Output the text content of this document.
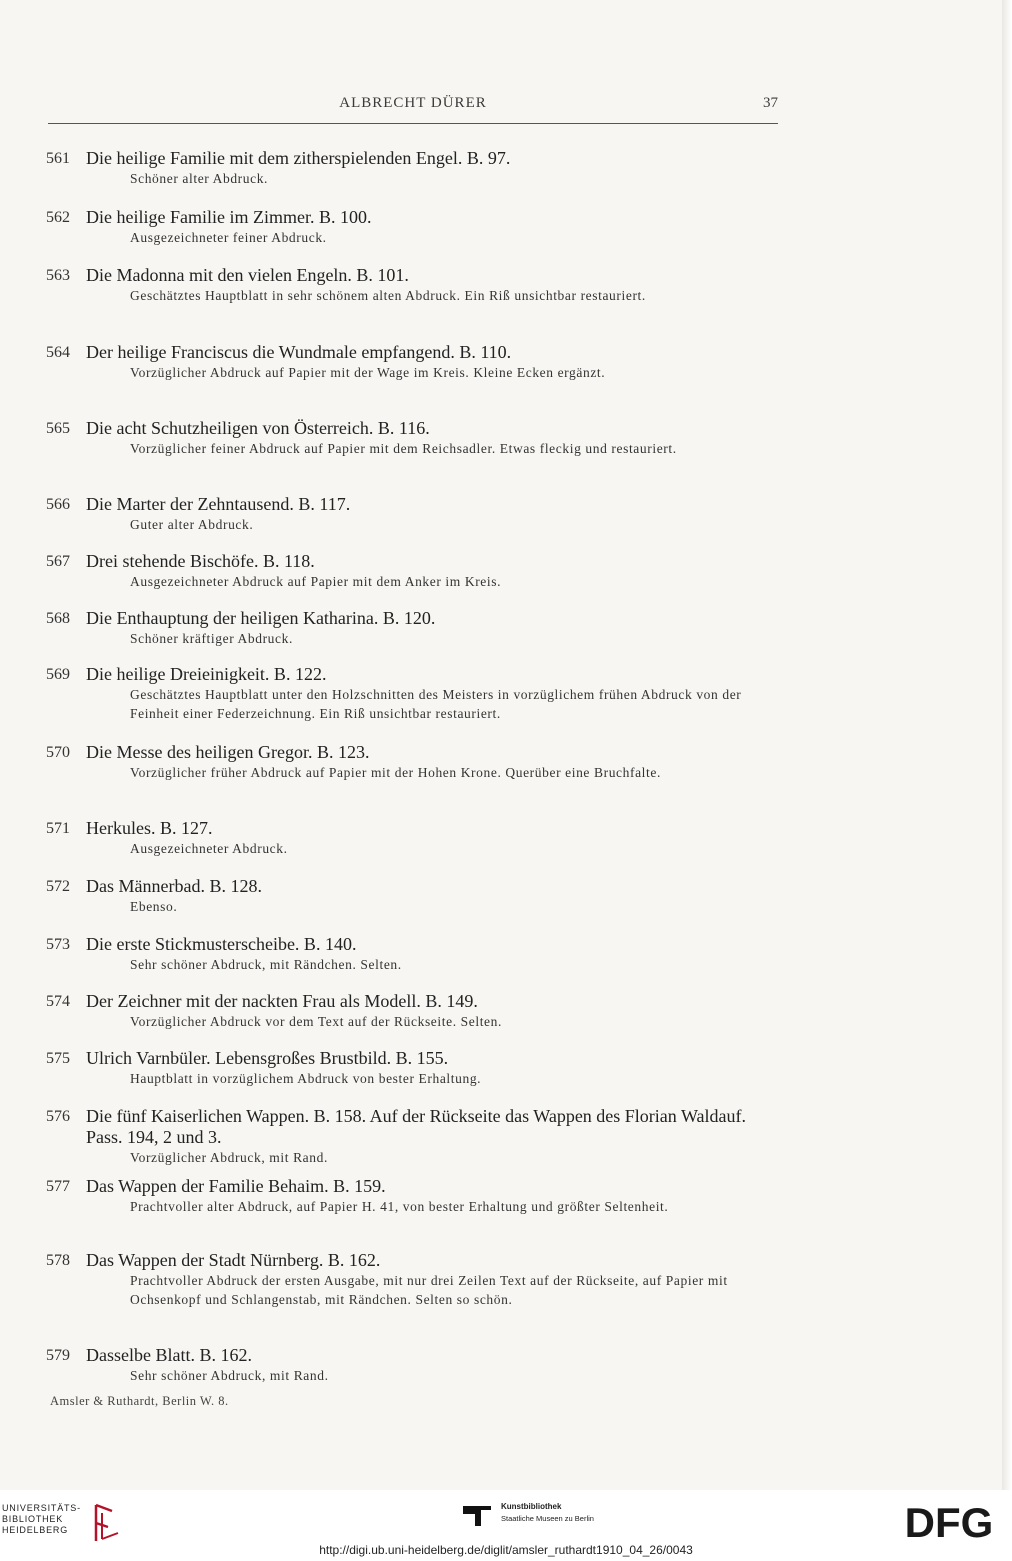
ALBRECHT DÜRER	37
561 Die heilige Familie mit dem zitherspielenden Engel. B. 97.
Schöner alter Abdruck.
562 Die heilige Familie im Zimmer. B. 100.
Ausgezeichneter feiner Abdruck.
563 Die Madonna mit den vielen Engeln. B. 101.
Geschätztes Hauptblatt in sehr schönem alten Abdruck. Ein Riß unsichtbar restauriert.
564 Der heilige Franciscus die Wundmale empfangend. B. 110.
Vorzüglicher Abdruck auf Papier mit der Wage im Kreis. Kleine Ecken ergänzt.
565 Die acht Schutzheiligen von Österreich. B. 116.
Vorzüglicher feiner Abdruck auf Papier mit dem Reichsadler. Etwas fleckig und restauriert.
566 Die Marter der Zehntausend. B. 117.
Guter alter Abdruck.
567 Drei stehende Bischöfe. B. 118.
Ausgezeichneter Abdruck auf Papier mit dem Anker im Kreis.
568 Die Enthauptung der heiligen Katharina. B. 120.
Schöner kräftiger Abdruck.
569 Die heilige Dreieinigkeit. B. 122.
Geschätztes Hauptblatt unter den Holzschnitten des Meisters in vorzüglichem frühen Abdruck von der Feinheit einer Federzeichnung. Ein Riß unsichtbar restauriert.
570 Die Messe des heiligen Gregor. B. 123.
Vorzüglicher früher Abdruck auf Papier mit der Hohen Krone. Querüber eine Bruchfalte.
571 Herkules. B. 127.
Ausgezeichneter Abdruck.
572 Das Männerbad. B. 128.
Ebenso.
573 Die erste Stickmusterscheibe. B. 140.
Sehr schöner Abdruck, mit Rändchen. Selten.
574 Der Zeichner mit der nackten Frau als Modell. B. 149.
Vorzüglicher Abdruck vor dem Text auf der Rückseite. Selten.
575 Ulrich Varnbüler. Lebensgroßes Brustbild. B. 155.
Hauptblatt in vorzüglichem Abdruck von bester Erhaltung.
576 Die fünf Kaiserlichen Wappen. B. 158. Auf der Rückseite das Wappen des Florian Waldauf. Pass. 194, 2 und 3.
Vorzüglicher Abdruck, mit Rand.
577 Das Wappen der Familie Behaim. B. 159.
Prachtvoller alter Abdruck, auf Papier H. 41, von bester Erhaltung und größter Seltenheit.
578 Das Wappen der Stadt Nürnberg. B. 162.
Prachtvoller Abdruck der ersten Ausgabe, mit nur drei Zeilen Text auf der Rückseite, auf Papier mit Ochsenkopf und Schlangenstab, mit Rändchen. Selten so schön.
579 Dasselbe Blatt. B. 162.
Sehr schöner Abdruck, mit Rand.
Amsler & Ruthardt, Berlin W. 8.
UNIVERSITÄTS-
BIBLIOTHEK
HEIDELBERG
Kunstbibliothek
Staatliche Museen zu Berlin	DFG
http://digi.ub.uni-heidelberg.de/diglit/amsler_ruthardt1910_04_26/0043
